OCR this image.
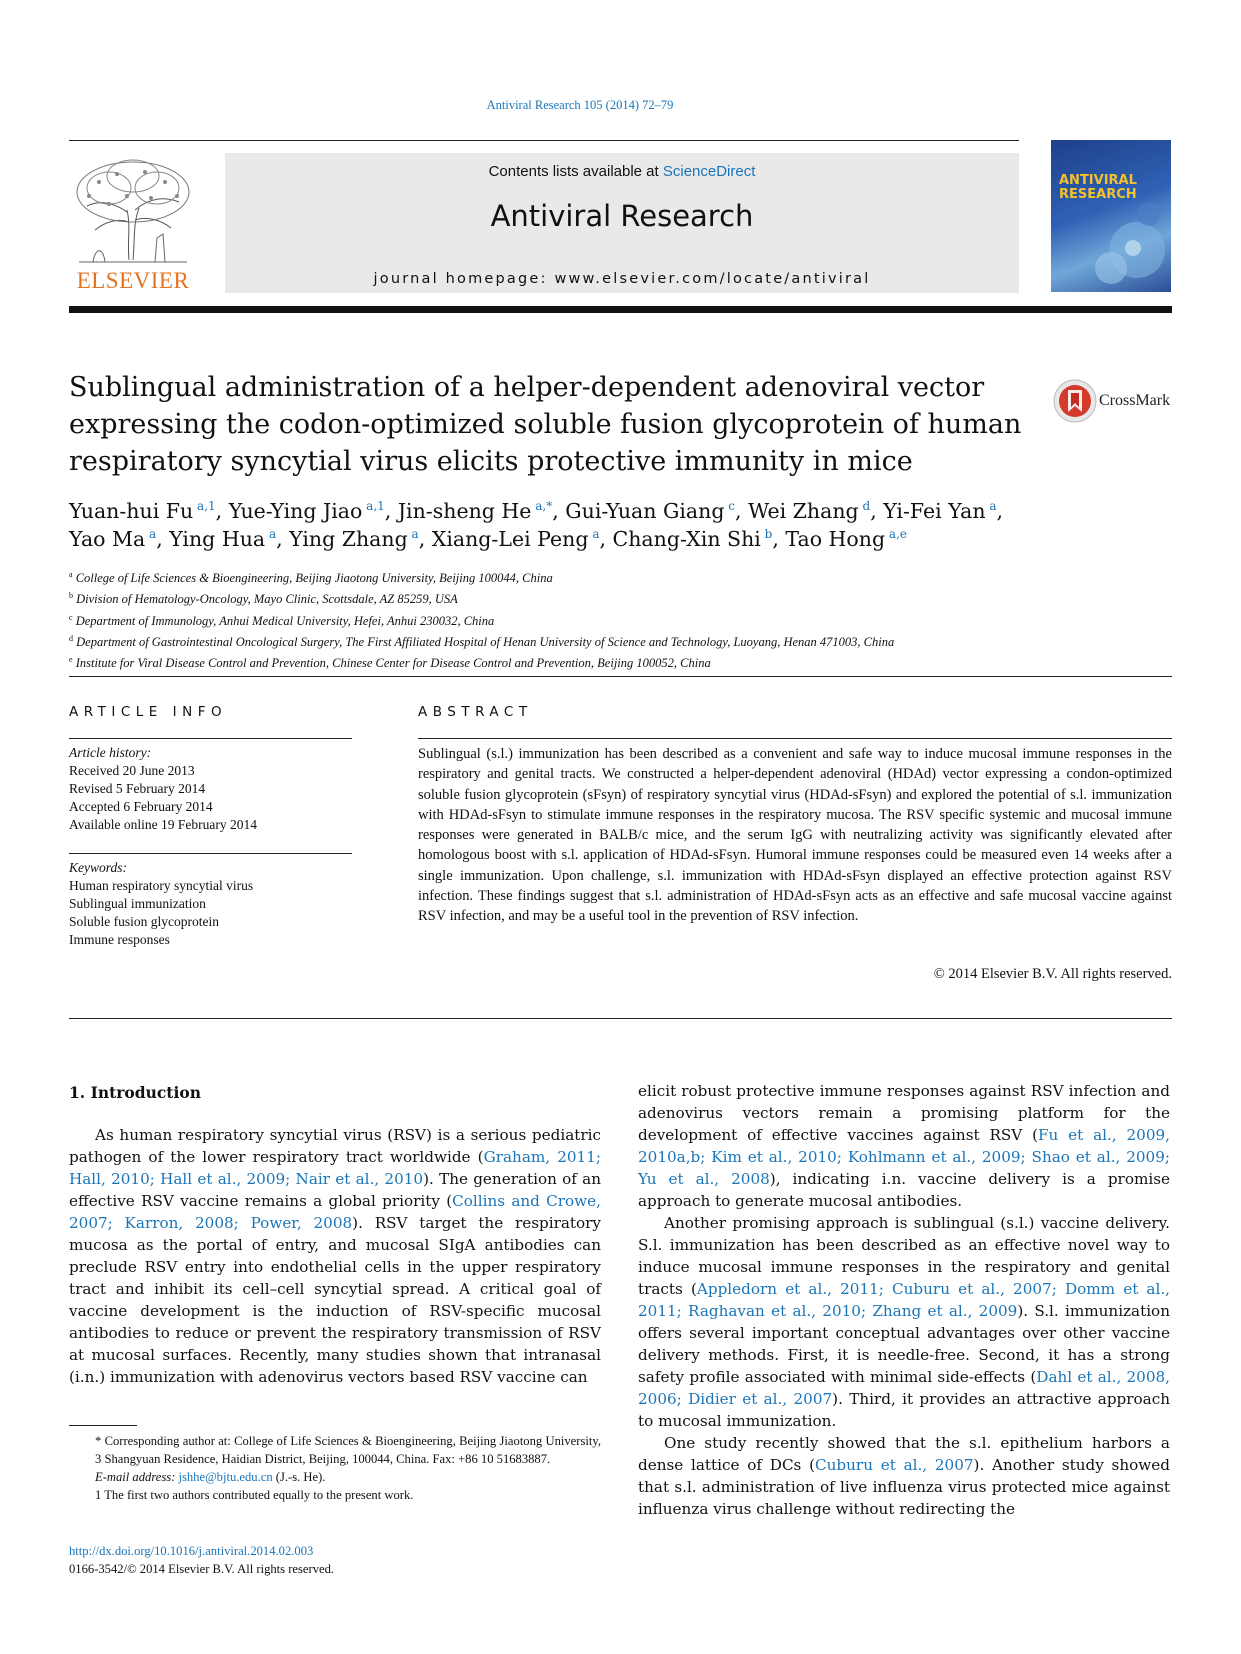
Antiviral Research 105 (2014) 72–79
ELSEVIER
Contents lists available at ScienceDirect
Antiviral Research
journal homepage: www.elsevier.com/locate/antiviral
ANTIVIRAL RESEARCH
Sublingual administration of a helper-dependent adenoviral vector expressing the codon-optimized soluble fusion glycoprotein of human respiratory syncytial virus elicits protective immunity in mice
CrossMark
Yuan-hui Fu $^{a,1}$, Yue-Ying Jiao $^{a,1}$, Jin-sheng He $^{a,*}$, Gui-Yuan Giang $^c$, Wei Zhang $^d$, Yi-Fei Yan $^a$,
Yao Ma $^a$, Ying Hua $^a$, Ying Zhang $^a$, Xiang-Lei Peng $^a$, Chang-Xin Shi $^b$, Tao Hong $^{a,e}$
$^a$ College of Life Sciences & Bioengineering, Beijing Jiaotong University, Beijing 100044, China
$^b$ Division of Hematology-Oncology, Mayo Clinic, Scottsdale, AZ 85259, USA
$^c$ Department of Immunology, Anhui Medical University, Hefei, Anhui 230032, China
$^d$ Department of Gastrointestinal Oncological Surgery, The First Affiliated Hospital of Henan University of Science and Technology, Luoyang, Henan 471003, China
$^e$ Institute for Viral Disease Control and Prevention, Chinese Center for Disease Control and Prevention, Beijing 100052, China
ARTICLE INFO	ABSTRACT
Article history:
Received 20 June 2013
Revised 5 February 2014
Accepted 6 February 2014
Available online 19 February 2014
Keywords:
Human respiratory syncytial virus
Sublingual immunization
Soluble fusion glycoprotein
Immune responses
Sublingual (s.l.) immunization has been described as a convenient and safe way to induce mucosal immune responses in the respiratory and genital tracts. We constructed a helper-dependent adenoviral (HDAd) vector expressing a condon-optimized soluble fusion glycoprotein (sFsyn) of respiratory syncytial virus (HDAd-sFsyn) and explored the potential of s.l. immunization with HDAd-sFsyn to stimulate immune responses in the respiratory mucosa. The RSV specific systemic and mucosal immune responses were generated in BALB/c mice, and the serum IgG with neutralizing activity was significantly elevated after homologous boost with s.l. application of HDAd-sFsyn. Humoral immune responses could be measured even 14 weeks after a single immunization. Upon challenge, s.l. immunization with HDAd-sFsyn displayed an effective protection against RSV infection. These findings suggest that s.l. administration of HDAd-sFsyn acts as an effective and safe mucosal vaccine against RSV infection, and may be a useful tool in the prevention of RSV infection.
© 2014 Elsevier B.V. All rights reserved.
1. Introduction

As human respiratory syncytial virus (RSV) is a serious pediatric pathogen of the lower respiratory tract worldwide (Graham, 2011; Hall, 2010; Hall et al., 2009; Nair et al., 2010). The generation of an effective RSV vaccine remains a global priority (Collins and Crowe, 2007; Karron, 2008; Power, 2008). RSV target the respiratory mucosa as the portal of entry, and mucosal SIgA antibodies can preclude RSV entry into endothelial cells in the upper respiratory tract and inhibit its cell–cell syncytial spread. A critical goal of vaccine development is the induction of RSV-specific mucosal antibodies to reduce or prevent the respiratory transmission of RSV at mucosal surfaces. Recently, many studies shown that intranasal (i.n.) immunization with adenovirus vectors based RSV vaccine can

elicit robust protective immune responses against RSV infection and adenovirus vectors remain a promising platform for the development of effective vaccines against RSV (Fu et al., 2009, 2010a,b; Kim et al., 2010; Kohlmann et al., 2009; Shao et al., 2009; Yu et al., 2008), indicating i.n. vaccine delivery is a promise approach to generate mucosal antibodies.

Another promising approach is sublingual (s.l.) vaccine delivery. S.l. immunization has been described as an effective novel way to induce mucosal immune responses in the respiratory and genital tracts (Appledorn et al., 2011; Cuburu et al., 2007; Domm et al., 2011; Raghavan et al., 2010; Zhang et al., 2009). S.l. immunization offers several important conceptual advantages over other vaccine delivery methods. First, it is needle-free. Second, it has a strong safety profile associated with minimal side-effects (Dahl et al., 2008, 2006; Didier et al., 2007). Third, it provides an attractive approach to mucosal immunization.

One study recently showed that the s.l. epithelium harbors a dense lattice of DCs (Cuburu et al., 2007). Another study showed that s.l. administration of live influenza virus protected mice against influenza virus challenge without redirecting the

* Corresponding author at: College of Life Sciences & Bioengineering, Beijing Jiaotong University, 3 Shangyuan Residence, Haidian District, Beijing, 100044, China. Fax: +86 10 51683887.
E-mail address: jshhe@bjtu.edu.cn (J.-s. He).
1 The first two authors contributed equally to the present work.
http://dx.doi.org/10.1016/j.antiviral.2014.02.003
0166-3542/© 2014 Elsevier B.V. All rights reserved.
